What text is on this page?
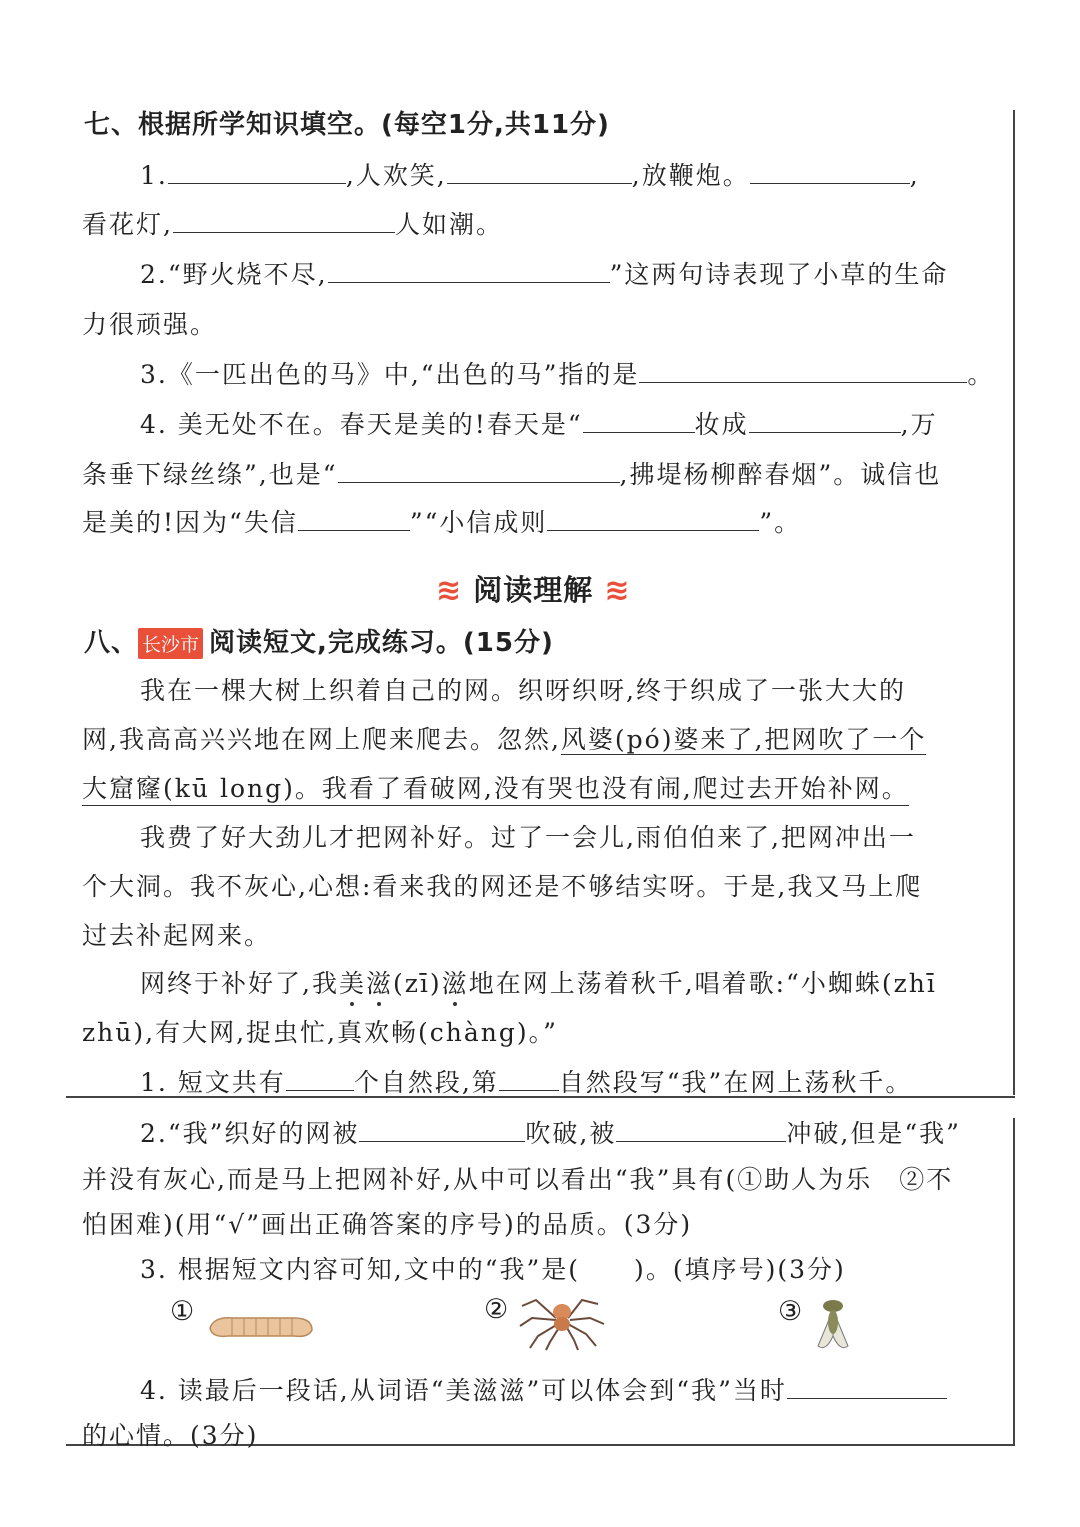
七、根据所学知识填空。(每空1分,共11分)
1.	,人欢笑,	,放鞭炮。	,
看花灯,	人如潮。
2.“野火烧不尽,	”这两句诗表现了小草的生命
力很顽强。
3.《一匹出色的马》中,“出色的马”指的是	。
4. 美无处不在。春天是美的!春天是“	妆成	,万
条垂下绿丝绦”,也是“	,拂堤杨柳醉春烟”。诚信也
是美的!因为“失信	”“小信成则	”。
≋ 阅读理解 ≋
八、 长沙市 阅读短文,完成练习。(15分)
我在一棵大树上织着自己的网。织呀织呀,终于织成了一张大大的
网,我高高兴兴地在网上爬来爬去。忽然,风婆(pó)婆来了,把网吹了一个
大窟窿(kū long)。我看了看破网,没有哭也没有闹,爬过去开始补网。
我费了好大劲儿才把网补好。过了一会儿,雨伯伯来了,把网冲出一
个大洞。我不灰心,心想:看来我的网还是不够结实呀。于是,我又马上爬
过去补起网来。
网终于补好了,我美滋(zī)滋地在网上荡着秋千,唱着歌:“小蜘蛛(zhī
zhū),有大网,捉虫忙,真欢畅(chàng)。”
1. 短文共有	个自然段,第 自然段写“我”在网上荡秋千。
2.“我”织好的网被	吹破,被	冲破,但是“我”
并没有灰心,而是马上把网补好,从中可以看出“我”具有(①助人为乐　②不
怕困难)(用“√”画出正确答案的序号)的品质。(3分)
3. 根据短文内容可知,文中的“我”是(　　)。(填序号)(3分)
①	②	③
4. 读最后一段话,从词语“美滋滋”可以体会到“我”当时
的心情。(3分)
